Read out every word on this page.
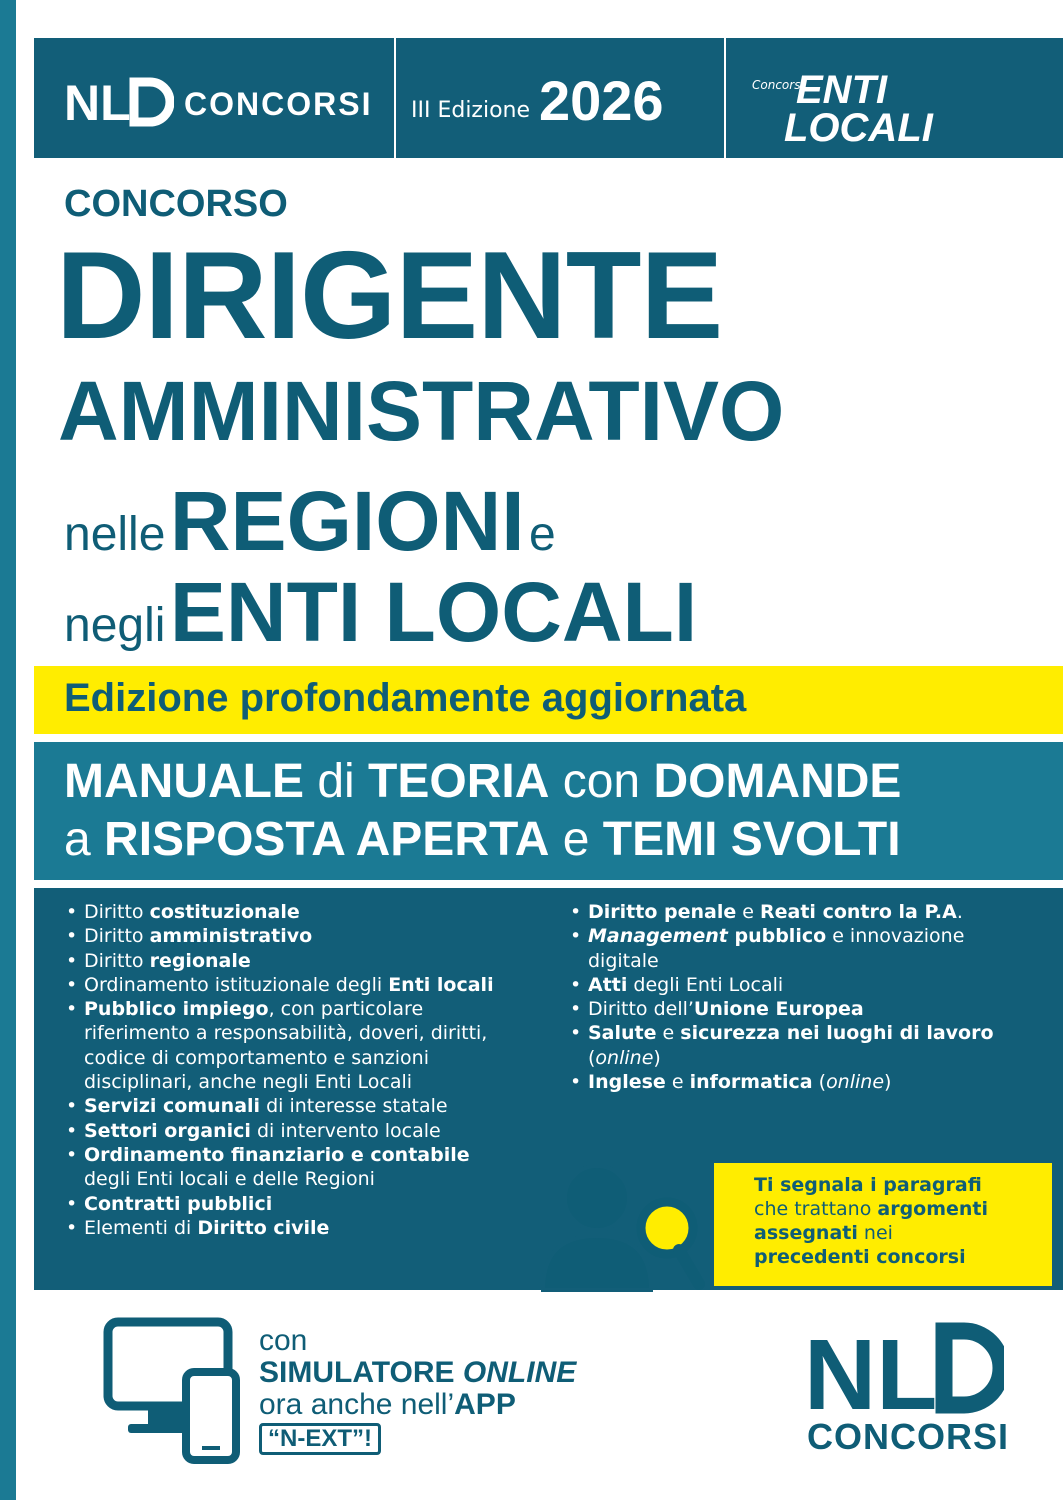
NL CONCORSI III Edizione 2026	Concorsi
ENTI
LOCALI
CONCORSO
DIRIGENTE
AMMINISTRATIVO
nelle REGIONI e
negli ENTI LOCALI
Edizione profondamente aggiornata
MANUALE di TEORIA con DOMANDE
a RISPOSTA APERTA e TEMI SVOLTI
• Diritto costituzionale
• Diritto amministrativo
• Diritto regionale
• Ordinamento istituzionale degli Enti locali
• Pubblico impiego, con particolare riferimento a responsabilità, doveri, diritti, codice di comportamento e sanzioni disciplinari, anche negli Enti Locali
• Servizi comunali di interesse statale
• Settori organici di intervento locale
• Ordinamento finanziario e contabile degli Enti locali e delle Regioni
• Contratti pubblici
• Elementi di Diritto civile
• Diritto penale e Reati contro la P.A.
• Management pubblico e innovazione digitale
• Atti degli Enti Locali
• Diritto dell’Unione Europea
• Salute e sicurezza nei luoghi di lavoro (online)
• Inglese e informatica (online)

Ti segnala i paragrafi
che trattano argomenti
assegnati nei
precedenti concorsi

con
SIMULATORE ONLINE
ora anche nell’APP
“N-EXT”!
NL
CONCORSI
